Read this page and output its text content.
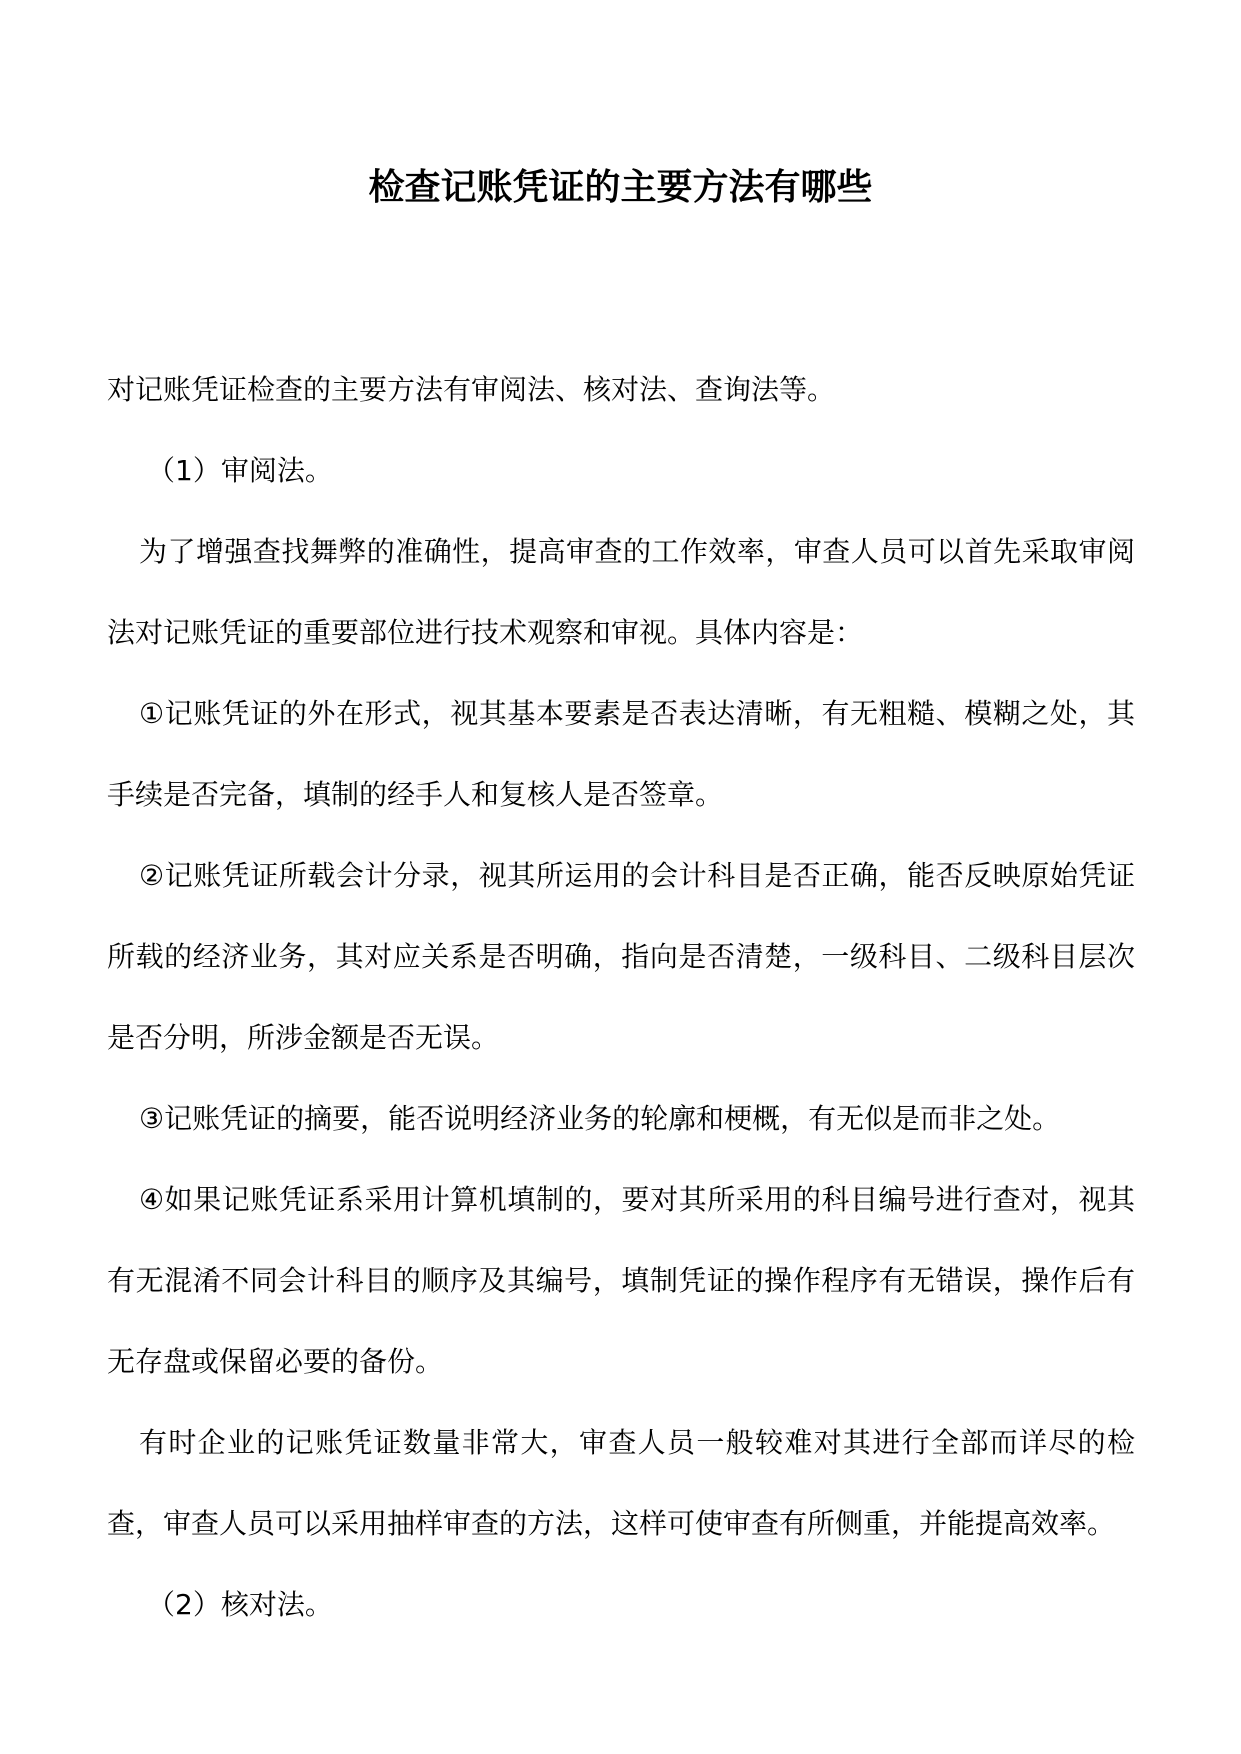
检查记账凭证的主要方法有哪些

对记账凭证检查的主要方法有审阅法、核对法、查询法等。

（1）审阅法。

为了增强查找舞弊的准确性，提高审查的工作效率，审查人员可以首先采取审阅法对记账凭证的重要部位进行技术观察和审视。具体内容是：

①记账凭证的外在形式，视其基本要素是否表达清晰，有无粗糙、模糊之处，其手续是否完备，填制的经手人和复核人是否签章。

②记账凭证所载会计分录，视其所运用的会计科目是否正确，能否反映原始凭证所载的经济业务，其对应关系是否明确，指向是否清楚，一级科目、二级科目层次是否分明，所涉金额是否无误。

③记账凭证的摘要，能否说明经济业务的轮廓和梗概，有无似是而非之处。

④如果记账凭证系采用计算机填制的，要对其所采用的科目编号进行查对，视其有无混淆不同会计科目的顺序及其编号，填制凭证的操作程序有无错误，操作后有无存盘或保留必要的备份。

有时企业的记账凭证数量非常大，审查人员一般较难对其进行全部而详尽的检查，审查人员可以采用抽样审查的方法，这样可使审查有所侧重，并能提高效率。

（2）核对法。
